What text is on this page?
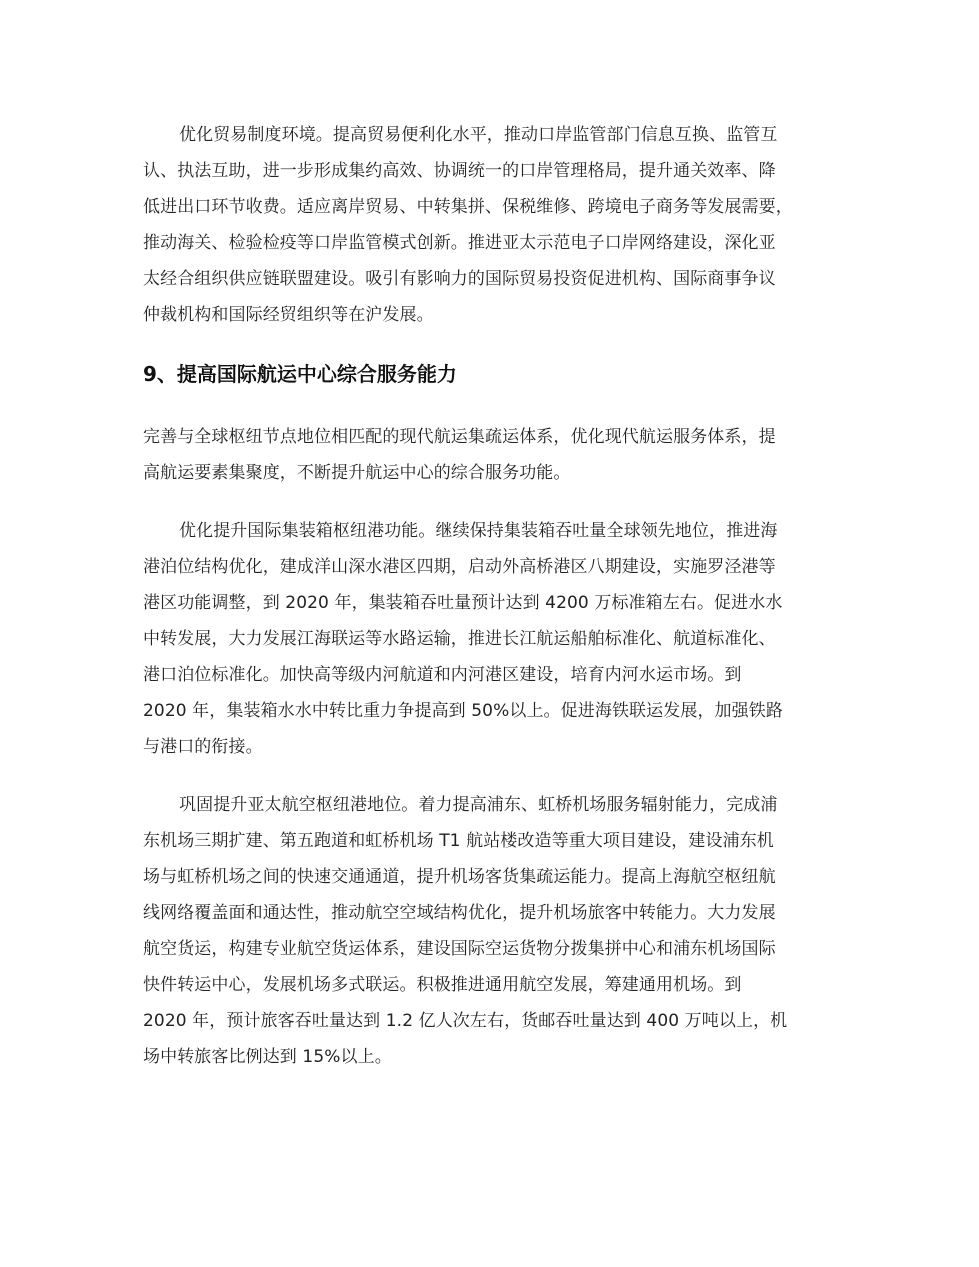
优化贸易制度环境。提高贸易便利化水平，推动口岸监管部门信息互换、监管互
认、执法互助，进一步形成集约高效、协调统一的口岸管理格局，提升通关效率、降
低进出口环节收费。适应离岸贸易、中转集拼、保税维修、跨境电子商务等发展需要，
推动海关、检验检疫等口岸监管模式创新。推进亚太示范电子口岸网络建设，深化亚
太经合组织供应链联盟建设。吸引有影响力的国际贸易投资促进机构、国际商事争议
仲裁机构和国际经贸组织等在沪发展。
9、提高国际航运中心综合服务能力
完善与全球枢纽节点地位相匹配的现代航运集疏运体系，优化现代航运服务体系，提
高航运要素集聚度，不断提升航运中心的综合服务功能。
优化提升国际集装箱枢纽港功能。继续保持集装箱吞吐量全球领先地位，推进海
港泊位结构优化，建成洋山深水港区四期，启动外高桥港区八期建设，实施罗泾港等
港区功能调整，到 2020 年，集装箱吞吐量预计达到 4200 万标准箱左右。促进水水
中转发展，大力发展江海联运等水路运输，推进长江航运船舶标准化、航道标准化、
港口泊位标准化。加快高等级内河航道和内河港区建设，培育内河水运市场。到
2020 年，集装箱水水中转比重力争提高到 50%以上。促进海铁联运发展，加强铁路
与港口的衔接。
巩固提升亚太航空枢纽港地位。着力提高浦东、虹桥机场服务辐射能力，完成浦
东机场三期扩建、第五跑道和虹桥机场 T1 航站楼改造等重大项目建设，建设浦东机
场与虹桥机场之间的快速交通通道，提升机场客货集疏运能力。提高上海航空枢纽航
线网络覆盖面和通达性，推动航空空域结构优化，提升机场旅客中转能力。大力发展
航空货运，构建专业航空货运体系，建设国际空运货物分拨集拼中心和浦东机场国际
快件转运中心，发展机场多式联运。积极推进通用航空发展，筹建通用机场。到
2020 年，预计旅客吞吐量达到 1.2 亿人次左右，货邮吞吐量达到 400 万吨以上，机
场中转旅客比例达到 15%以上。
